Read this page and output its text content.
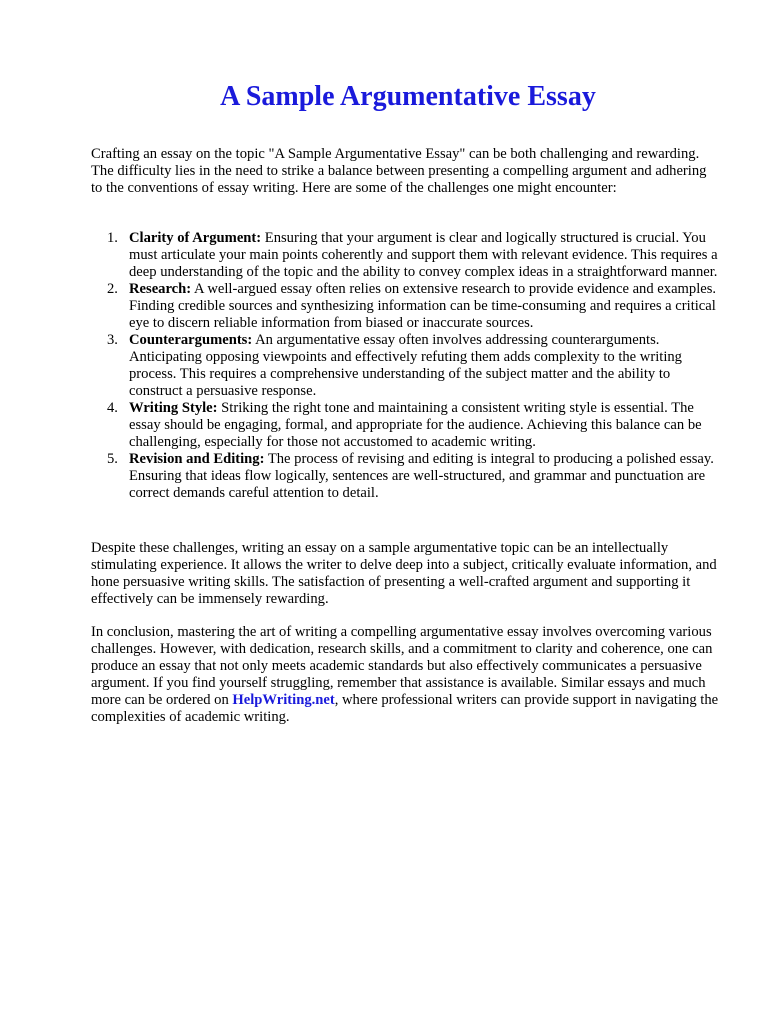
A Sample Argumentative Essay

Crafting an essay on the topic "A Sample Argumentative Essay" can be both challenging and rewarding. The difficulty lies in the need to strike a balance between presenting a compelling argument and adhering to the conventions of essay writing. Here are some of the challenges one might encounter:

1. Clarity of Argument: Ensuring that your argument is clear and logically structured is crucial. You must articulate your main points coherently and support them with relevant evidence. This requires a deep understanding of the topic and the ability to convey complex ideas in a straightforward manner.
2. Research: A well-argued essay often relies on extensive research to provide evidence and examples. Finding credible sources and synthesizing information can be time-consuming and requires a critical eye to discern reliable information from biased or inaccurate sources.
3. Counterarguments: An argumentative essay often involves addressing counterarguments. Anticipating opposing viewpoints and effectively refuting them adds complexity to the writing process. This requires a comprehensive understanding of the subject matter and the ability to construct a persuasive response.
4. Writing Style: Striking the right tone and maintaining a consistent writing style is essential. The essay should be engaging, formal, and appropriate for the audience. Achieving this balance can be challenging, especially for those not accustomed to academic writing.
5. Revision and Editing: The process of revising and editing is integral to producing a polished essay. Ensuring that ideas flow logically, sentences are well-structured, and grammar and punctuation are correct demands careful attention to detail.

Despite these challenges, writing an essay on a sample argumentative topic can be an intellectually stimulating experience. It allows the writer to delve deep into a subject, critically evaluate information, and hone persuasive writing skills. The satisfaction of presenting a well-crafted argument and supporting it effectively can be immensely rewarding.

In conclusion, mastering the art of writing a compelling argumentative essay involves overcoming various challenges. However, with dedication, research skills, and a commitment to clarity and coherence, one can produce an essay that not only meets academic standards but also effectively communicates a persuasive argument. If you find yourself struggling, remember that assistance is available. Similar essays and much more can be ordered on HelpWriting.net, where professional writers can provide support in navigating the complexities of academic writing.
